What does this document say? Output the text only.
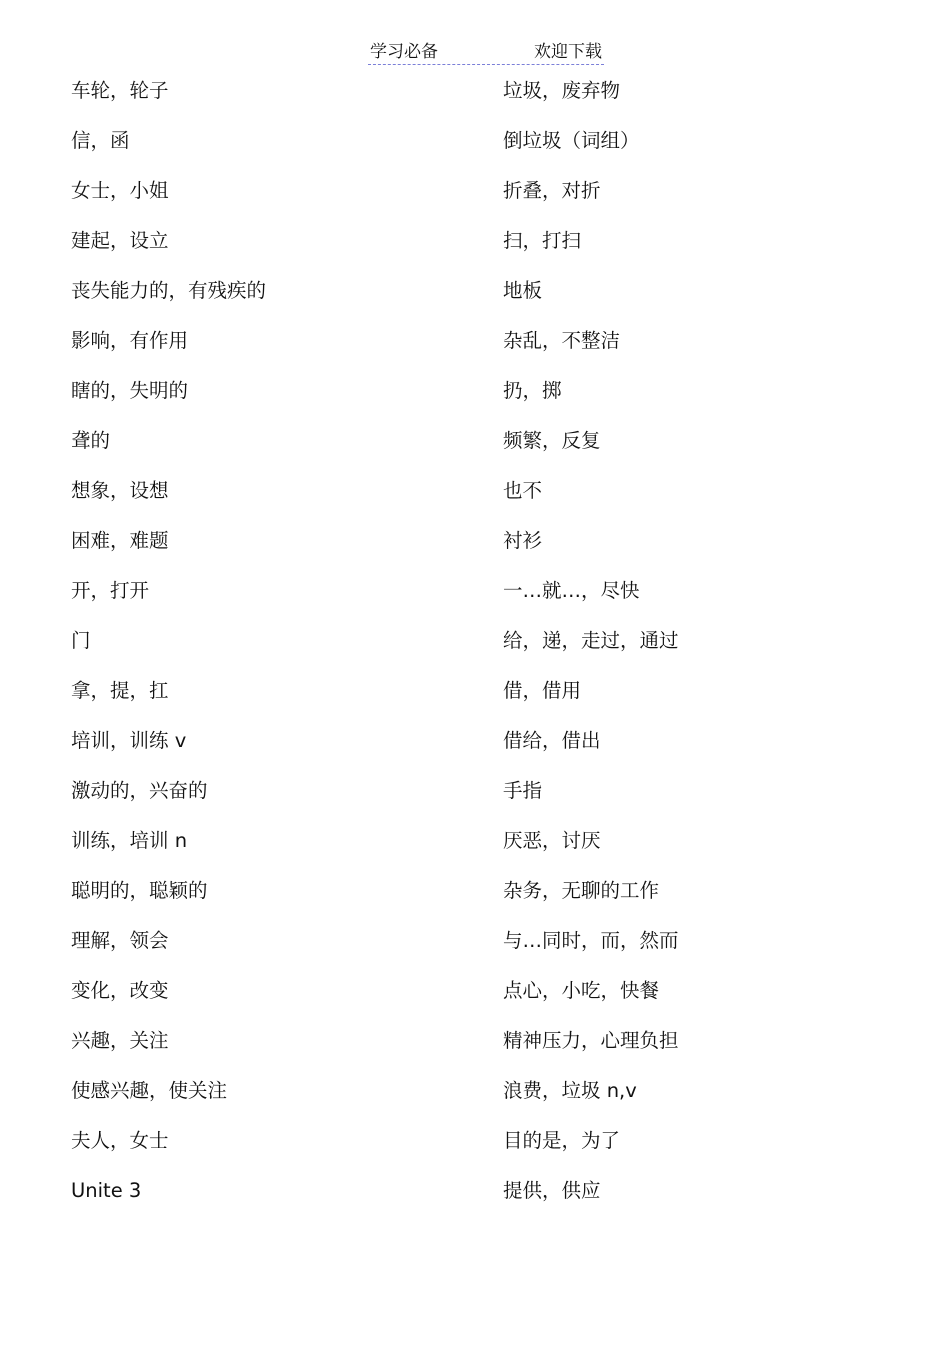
学习必备	欢迎下载
车轮，轮子
信，函
女士，小姐
建起，设立
丧失能力的，有残疾的
影响，有作用
瞎的，失明的
聋的
想象，设想
困难，难题
开，打开
门
拿，提，扛
培训，训练 v
激动的，兴奋的
训练，培训 n
聪明的，聪颖的
理解，领会
变化，改变
兴趣，关注
使感兴趣，使关注
夫人，女士
Unite 3
垃圾，废弃物
倒垃圾（词组）
折叠，对折
扫，打扫
地板
杂乱，不整洁
扔，掷
频繁，反复
也不
衬衫
一…就…，尽快
给，递，走过，通过
借，借用
借给，借出
手指
厌恶，讨厌
杂务，无聊的工作
与…同时，而，然而
点心，小吃，快餐
精神压力，心理负担
浪费，垃圾 n,v
目的是，为了
提供，供应
